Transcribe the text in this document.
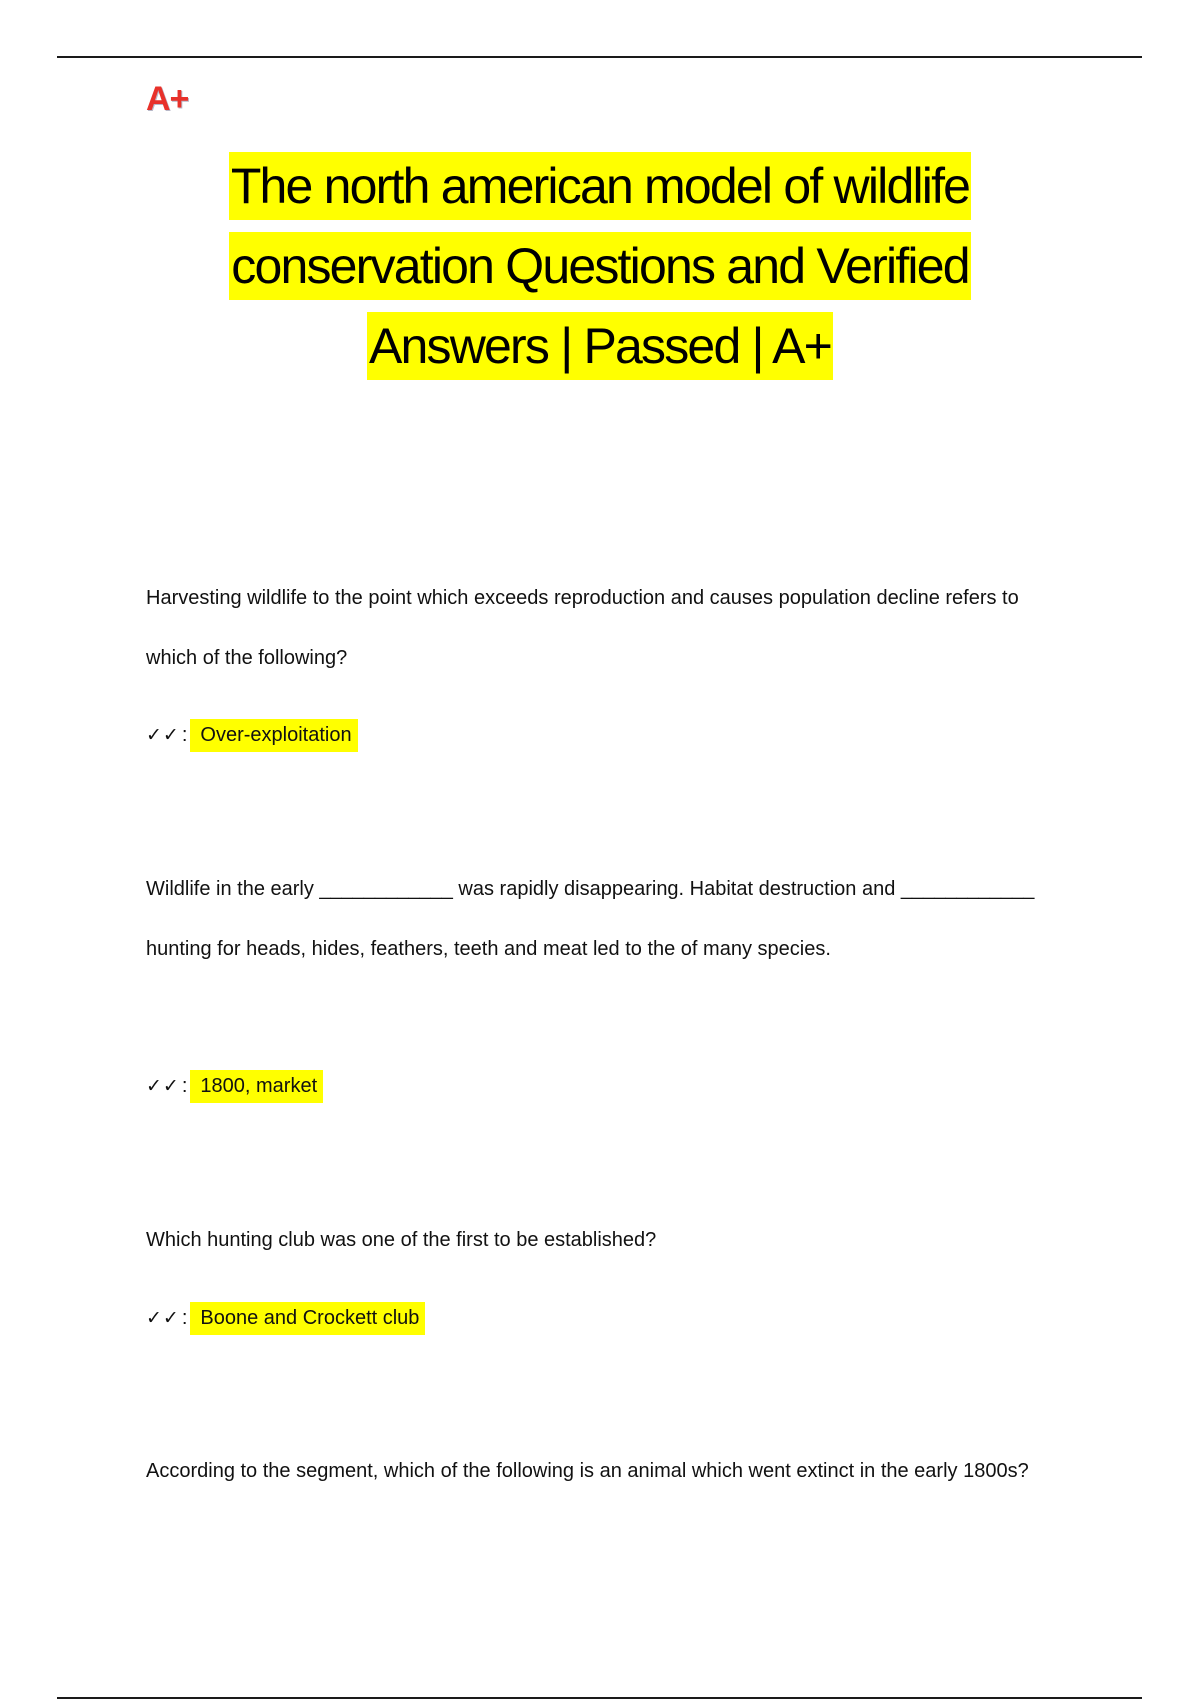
A+
The north american model of wildlife
conservation Questions and Verified
Answers | Passed | A+
Harvesting wildlife to the point which exceeds reproduction and causes population decline refers to which of the following?
✓✓ : Over-exploitation
Wildlife in the early ____________ was rapidly disappearing. Habitat destruction and ____________ hunting for heads, hides, feathers, teeth and meat led to the of many species.
✓✓ : 1800, market
Which hunting club was one of the first to be established?
✓✓ : Boone and Crockett club
According to the segment, which of the following is an animal which went extinct in the early 1800s?
